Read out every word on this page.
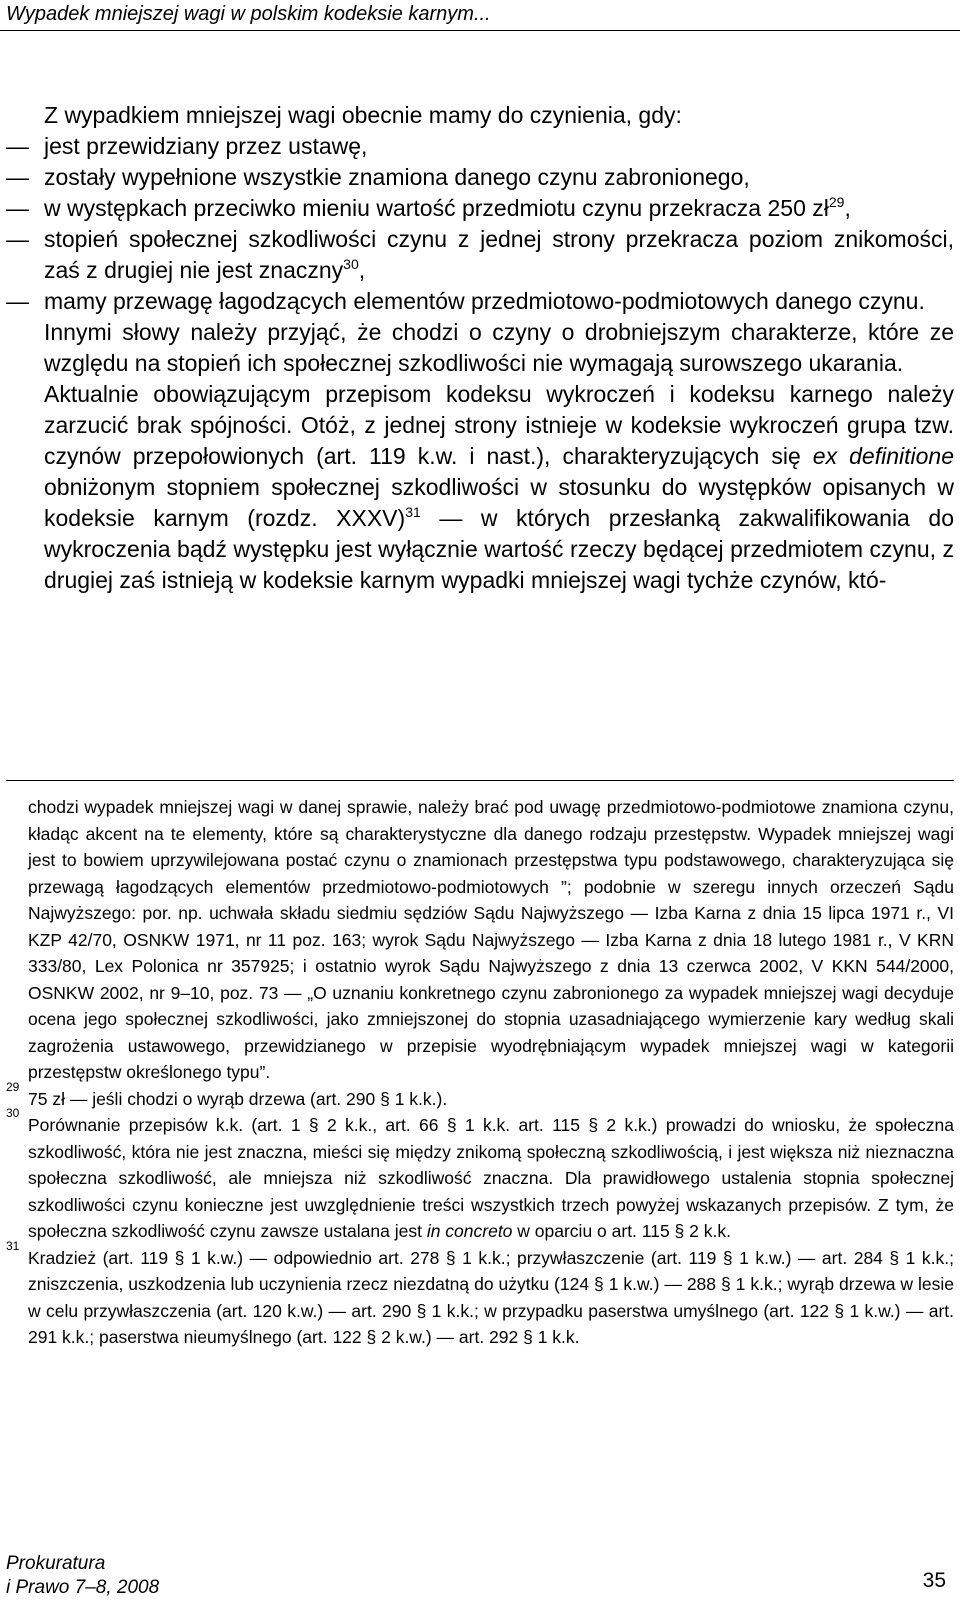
Wypadek mniejszej wagi w polskim kodeksie karnym...

Z wypadkiem mniejszej wagi obecnie mamy do czynienia, gdy:

— jest przewidziany przez ustawę,
— zostały wypełnione wszystkie znamiona danego czynu zabronionego,
— w występkach przeciwko mieniu wartość przedmiotu czynu przekracza 250 $zł^{29}$,
— stopień społecznej szkodliwości czynu z jednej strony przekracza poziom znikomości, zaś z drugiej nie jest znaczny$^{30}$,
— mamy przewagę łagodzących elementów przedmiotowo-podmiotowych danego czynu.

Innymi słowy należy przyjąć, że chodzi o czyny o drobniejszym charakterze, które ze względu na stopień ich społecznej szkodliwości nie wymagają surowszego ukarania.

Aktualnie obowiązującym przepisom kodeksu wykroczeń i kodeksu karnego należy zarzucić brak spójności. Otóż, z jednej strony istnieje w kodeksie wykroczeń grupa tzw. czynów przepołowionych (art. 119 k.w. i nast.), charakteryzujących się ex definitione obniżonym stopniem społecznej szkodliwości w stosunku do występków opisanych w kodeksie karnym (rozdz. XXXV)$^{31}$ — w których przesłanką zakwalifikowania do wykroczenia bądź występku jest wyłącznie wartość rzeczy będącej przedmiotem czynu, z drugiej zaś istnieją w kodeksie karnym wypadki mniejszej wagi tychże czynów, któ-

chodzi wypadek mniejszej wagi w danej sprawie, należy brać pod uwagę przedmiotowo-podmiotowe znamiona czynu, kładąc akcent na te elementy, które są charakterystyczne dla danego rodzaju przestępstw. Wypadek mniejszej wagi jest to bowiem uprzywilejowana postać czynu o znamionach przestępstwa typu podstawowego, charakteryzująca się przewagą łagodzących elementów przedmiotowo-podmiotowych ”; podobnie w szeregu innych orzeczeń Sądu Najwyższego: por. np. uchwała składu siedmiu sędziów Sądu Najwyższego — Izba Karna z dnia 15 lipca 1971 r., VI KZP 42/70, OSNKW 1971, nr 11 poz. 163; wyrok Sądu Najwyższego — Izba Karna z dnia 18 lutego 1981 r., V KRN 333/80, Lex Polonica nr 357925; i ostatnio wyrok Sądu Najwyższego z dnia 13 czerwca 2002, V KKN 544/2000, OSNKW 2002, nr 9–10, poz. 73 — „O uznaniu konkretnego czynu zabronionego za wypadek mniejszej wagi decyduje ocena jego społecznej szkodliwości, jako zmniejszonej do stopnia uzasadniającego wymierzenie kary według skali zagrożenia ustawowego, przewidzianego w przepisie wyodrębniającym wypadek mniejszej wagi w kategorii przestępstw określonego typu”.

29
75 zł — jeśli chodzi o wyrąb drzewa (art. 290 § 1 k.k.).

30
Porównanie przepisów k.k. (art. 1 § 2 k.k., art. 66 § 1 k.k. art. 115 § 2 k.k.) prowadzi do wniosku, że społeczna szkodliwość, która nie jest znaczna, mieści się między znikomą społeczną szkodliwością, i jest większa niż nieznaczna społeczna szkodliwość, ale mniejsza niż szkodliwość znaczna. Dla prawidłowego ustalenia stopnia społecznej szkodliwości czynu konieczne jest uwzględnienie treści wszystkich trzech powyżej wskazanych przepisów. Z tym, że społeczna szkodliwość czynu zawsze ustalana jest in concreto w oparciu o art. 115 § 2 k.k.

31
Kradzież (art. 119 § 1 k.w.) — odpowiednio art. 278 § 1 k.k.; przywłaszczenie (art. 119 § 1 k.w.) — art. 284 § 1 k.k.; zniszczenia, uszkodzenia lub uczynienia rzecz niezdatną do użytku (124 § 1 k.w.) — 288 § 1 k.k.; wyrąb drzewa w lesie w celu przywłaszczenia (art. 120 k.w.) — art. 290 § 1 k.k.; w przypadku paserstwa umyślnego (art. 122 § 1 k.w.) — art. 291 k.k.; paserstwa nieumyślnego (art. 122 § 2 k.w.) — art. 292 § 1 k.k.

Prokuratura
i Prawo 7–8, 2008	35
